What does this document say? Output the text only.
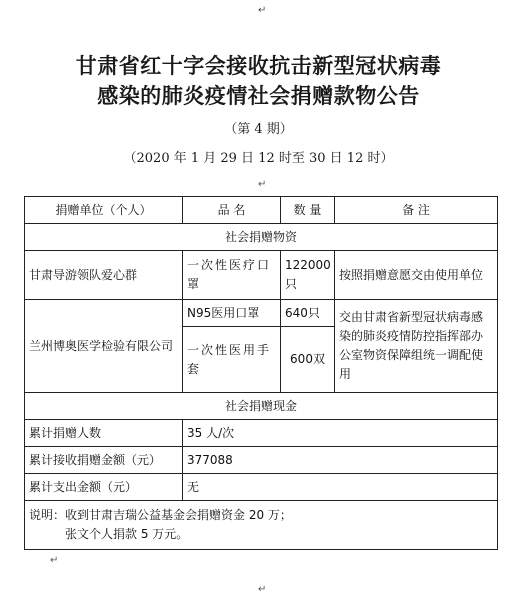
↵
甘肃省红十字会接收抗击新型冠状病毒
感染的肺炎疫情社会捐赠款物公告
（第 4 期）
（2020 年 1 月 29 日 12 时至 30 日 12 时）
↵
捐赠单位（个人）	品 名	数 量	备 注
社会捐赠物资			
甘肃导游领队爱心群	一次性医疗口罩	122000只	按照捐赠意愿交由使用单位
兰州博奥医学检验有限公司	N95医用口罩	640只	交由甘肃省新型冠状病毒感染的肺炎疫情防控指挥部办公室物资保障组统一调配使用
	一次性医用手套	600双	
社会捐赠现金			
累计捐赠人数	35 人/次		
累计接收捐赠金额（元）	377088		
累计支出金额（元）	无		
说明：收到甘肃吉瑞公益基金会捐赠资金 20 万；
张文个人捐款 5 万元。			
↵
↵
